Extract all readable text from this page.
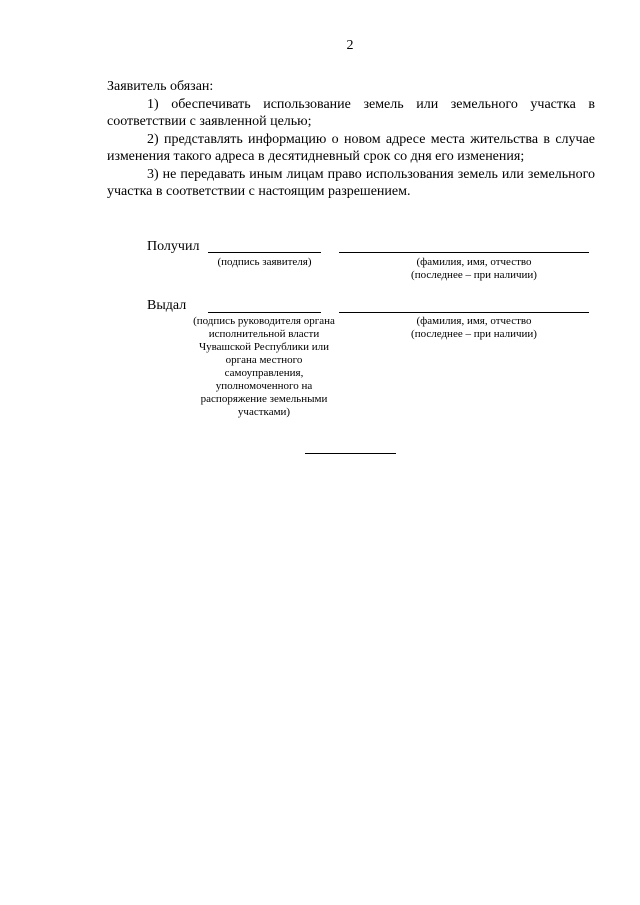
2

Заявитель обязан:

1) обеспечивать использование земель или земельного участка в соответствии с заявленной целью;

2) представлять информацию о новом адресе места жительства в случае изменения такого адреса в десятидневный срок со дня его изменения;

3) не передавать иным лицам право использования земель или земельного участка в соответствии с настоящим разрешением.

Получил
(подпись заявителя)	(фамилия, имя, отчество (последнее – при наличии)
Выдал
(подпись руководителя органа исполнительной власти Чувашской Республики или органа местного самоуправления, уполномоченного на распоряжение земельными участками)
(фамилия, имя, отчество (последнее – при наличии)
